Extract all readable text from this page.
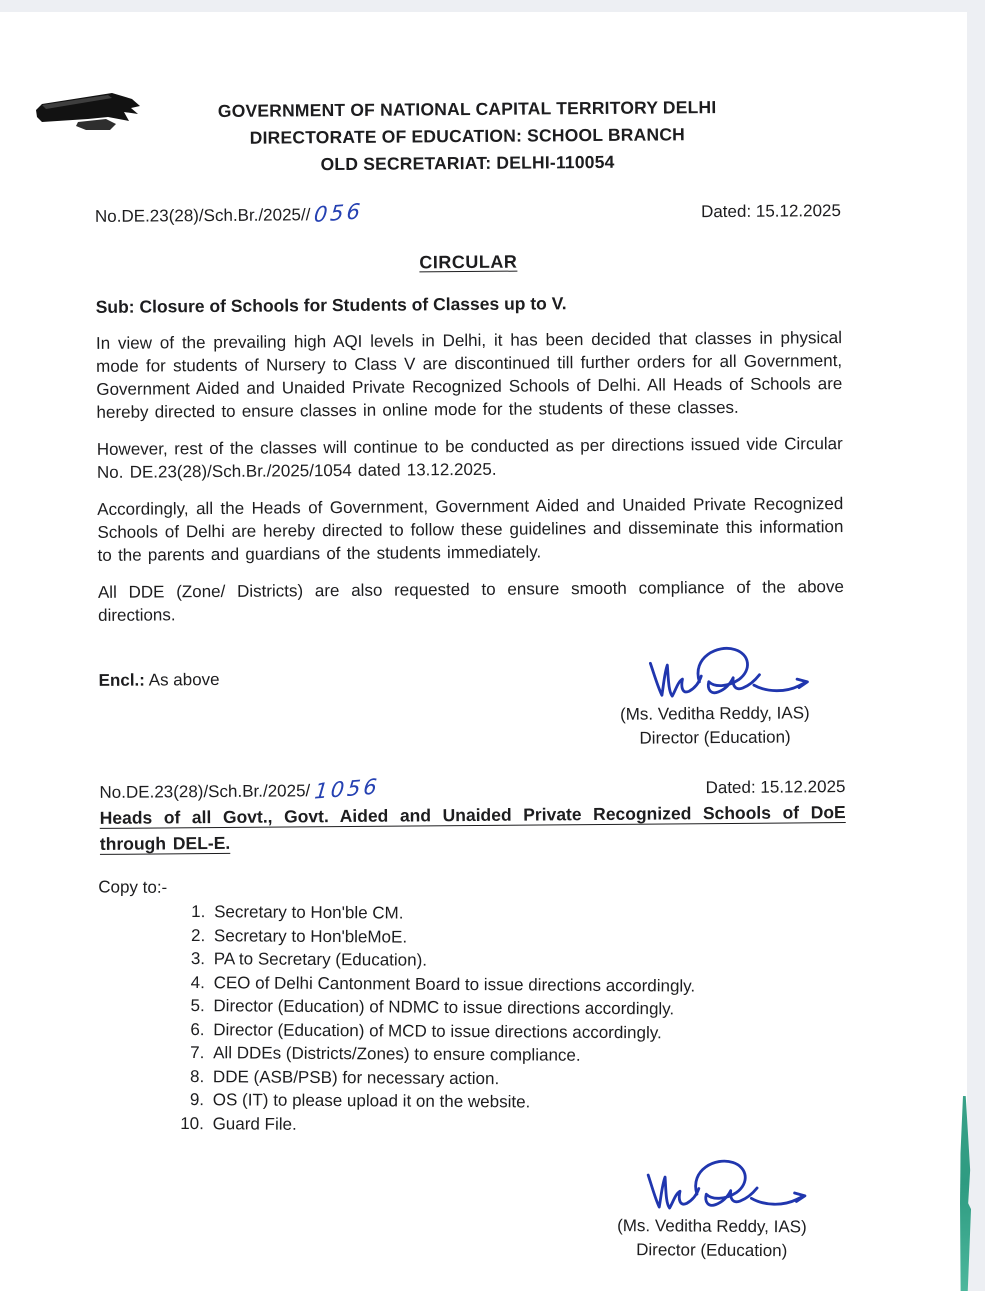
GOVERNMENT OF NATIONAL CAPITAL TERRITORY DELHI
DIRECTORATE OF EDUCATION: SCHOOL BRANCH
OLD SECRETARIAT: DELHI-110054
No.DE.23(28)/Sch.Br./2025// 056	Dated: 15.12.2025
CIRCULAR
Sub: Closure of Schools for Students of Classes up to V.

In view of the prevailing high AQI levels in Delhi, it has been decided that classes in physical mode for students of Nursery to Class V are discontinued till further orders for all Government, Government Aided and Unaided Private Recognized Schools of Delhi. All Heads of Schools are hereby directed to ensure classes in online mode for the students of these classes.

However, rest of the classes will continue to be conducted as per directions issued vide Circular No. DE.23(28)/Sch.Br./2025/1054 dated 13.12.2025.

Accordingly, all the Heads of Government, Government Aided and Unaided Private Recognized Schools of Delhi are hereby directed to follow these guidelines and disseminate this information to the parents and guardians of the students immediately.

All DDE (Zone/ Districts) are also requested to ensure smooth compliance of the above directions.

Encl.: As above
(Ms. Veditha Reddy, IAS)
Director (Education)
No.DE.23(28)/Sch.Br./2025/ 1056	Dated: 15.12.2025
Heads of all Govt., Govt. Aided and Unaided Private Recognized Schools of DoE through DEL-E.
Copy to:-
1. Secretary to Hon'ble CM.
2. Secretary to Hon'bleMoE.
3. PA to Secretary (Education).
4. CEO of Delhi Cantonment Board to issue directions accordingly.
5. Director (Education) of NDMC to issue directions accordingly.
6. Director (Education) of MCD to issue directions accordingly.
7. All DDEs (Districts/Zones) to ensure compliance.
8. DDE (ASB/PSB) for necessary action.
9. OS (IT) to please upload it on the website.
10. Guard File.
(Ms. Veditha Reddy, IAS)
Director (Education)
